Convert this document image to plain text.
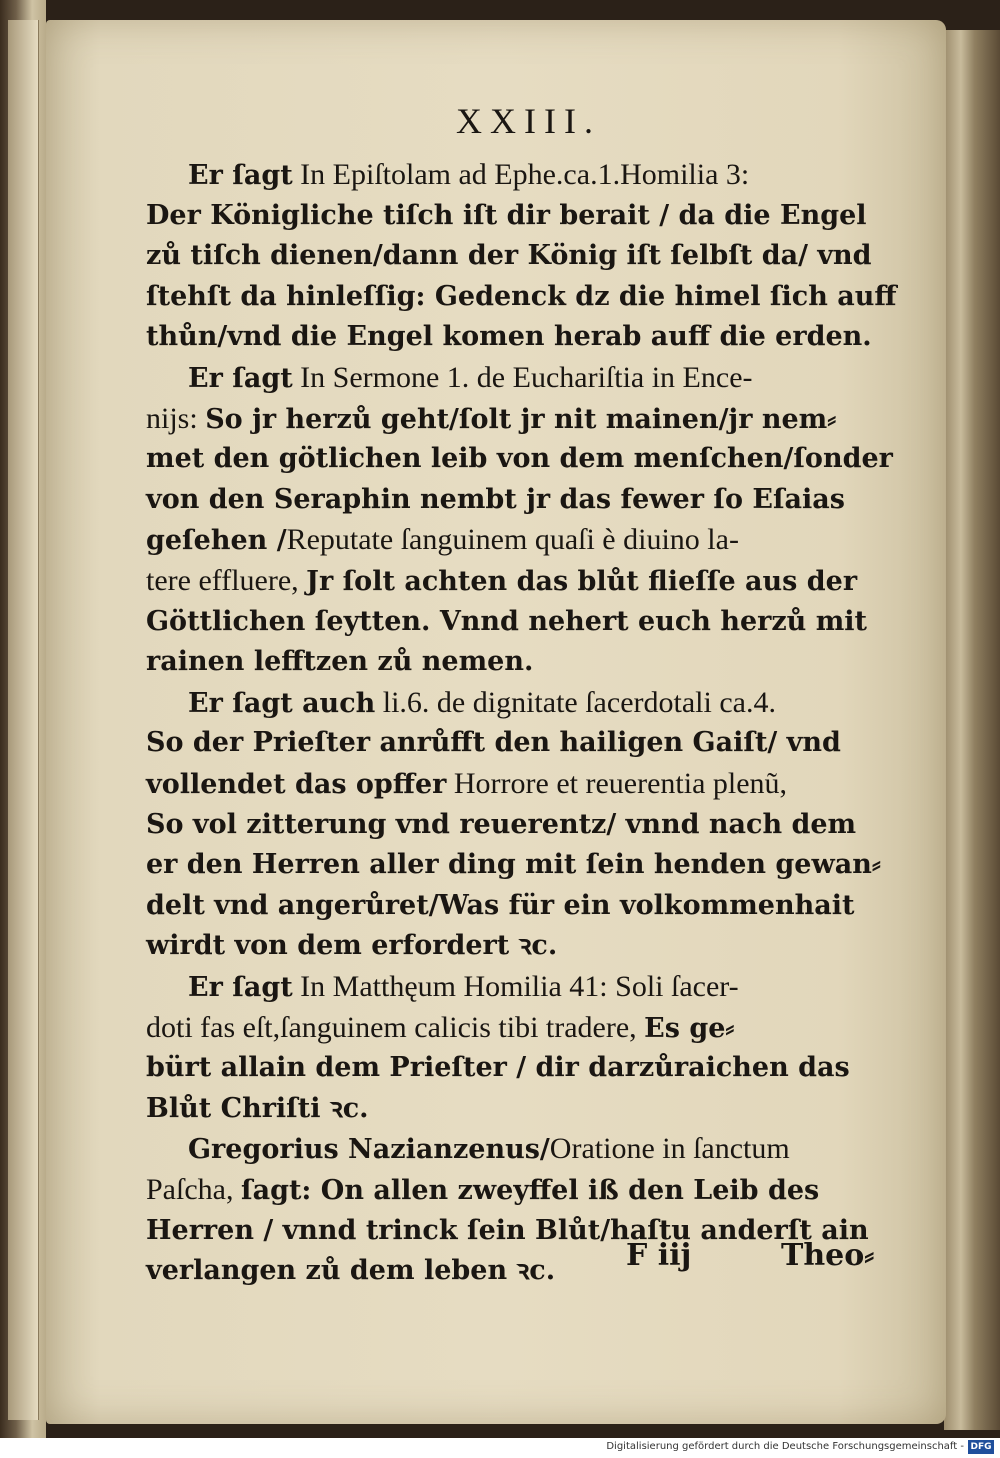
XXIII.
Er ſagt In Epiſtolam ad Ephe.ca.1.Homilia 3:
Der Königliche tiſch iſt dir berait / da die Engel
zů tiſch dienen/dann der König iſt ſelbſt da/ vnd
ſtehſt da hinleſſig: Gedenck dz die himel ſich auff
thůn/vnd die Engel komen herab auff die erden.
Er ſagt In Sermone 1. de Euchariſtia in Ence-
nijs: So jr herzů geht/ſolt jr nit mainen/jr nem⸗
met den götlichen leib von dem menſchen/ſonder
von den Seraphin nembt jr das fewer ſo Eſaias
geſehen /Reputate ſanguinem quaſi è diuino la-
tere effluere, Jr ſolt achten das blůt flieſſe aus der
Göttlichen ſeytten. Vnnd nehert euch herzů mit
rainen lefftzen zů nemen.
Er ſagt auch li.6. de dignitate ſacerdotali ca.4.
So der Prieſter anrůfft den hailigen Gaiſt/ vnd
vollendet das opffer Horrore et reuerentia plenũ,
So vol zitterung vnd reuerentz/ vnnd nach dem
er den Herren aller ding mit ſein henden gewan⸗
delt vnd angerůret/Was für ein volkommenhait
wirdt von dem erfordert ꝛc.
Er ſagt In Matthęum Homilia 41: Soli ſacer-
doti fas eſt,ſanguinem calicis tibi tradere, Es ge⸗
bürt allain dem Prieſter / dir darzůraichen das
Blůt Chriſti ꝛc.
Gregorius Nazianzenus/Oratione in ſanctum
Paſcha, ſagt: On allen zweyffel iß den Leib des
Herren / vnnd trinck ſein Blůt/haſtu anderſt ain
verlangen zů dem leben ꝛc.	F iij	Theo⸗
Digitalisierung gefördert durch die Deutsche Forschungsgemeinschaft - DFG
